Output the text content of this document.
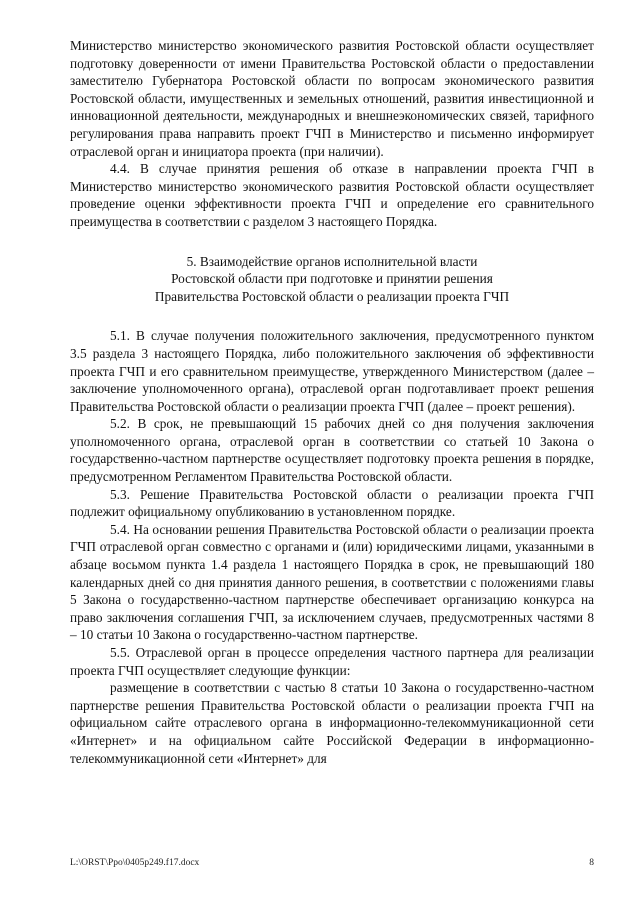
Министерство министерство экономического развития Ростовской области осуществляет подготовку доверенности от имени Правительства Ростовской области о предоставлении заместителю Губернатора Ростовской области по вопросам экономического развития Ростовской области, имущественных и земельных отношений, развития инвестиционной и инновационной деятельности, международных и внешнеэкономических связей, тарифного регулирования права направить проект ГЧП в Министерство и письменно информирует отраслевой орган и инициатора проекта (при наличии).

4.4. В случае принятия решения об отказе в направлении проекта ГЧП в Министерство министерство экономического развития Ростовской области осуществляет проведение оценки эффективности проекта ГЧП и определение его сравнительного преимущества в соответствии с разделом 3 настоящего Порядка.

5. Взаимодействие органов исполнительной власти
Ростовской области при подготовке и принятии решения
Правительства Ростовской области о реализации проекта ГЧП

5.1. В случае получения положительного заключения, предусмотренного пунктом 3.5 раздела 3 настоящего Порядка, либо положительного заключения об эффективности проекта ГЧП и его сравнительном преимуществе, утвержденного Министерством (далее – заключение уполномоченного органа), отраслевой орган подготавливает проект решения Правительства Ростовской области о реализации проекта ГЧП (далее – проект решения).

5.2. В срок, не превышающий 15 рабочих дней со дня получения заключения уполномоченного органа, отраслевой орган в соответствии со статьей 10 Закона о государственно-частном партнерстве осуществляет подготовку проекта решения в порядке, предусмотренном Регламентом Правительства Ростовской области.

5.3. Решение Правительства Ростовской области о реализации проекта ГЧП подлежит официальному опубликованию в установленном порядке.

5.4. На основании решения Правительства Ростовской области о реализации проекта ГЧП отраслевой орган совместно с органами и (или) юридическими лицами, указанными в абзаце восьмом пункта 1.4 раздела 1 настоящего Порядка в срок, не превышающий 180 календарных дней со дня принятия данного решения, в соответствии с положениями главы 5 Закона о государственно-частном партнерстве обеспечивает организацию конкурса на право заключения соглашения ГЧП, за исключением случаев, предусмотренных частями 8 – 10 статьи 10 Закона о государственно-частном партнерстве.

5.5. Отраслевой орган в процессе определения частного партнера для реализации проекта ГЧП осуществляет следующие функции:

размещение в соответствии с частью 8 статьи 10 Закона о государственно-частном партнерстве решения Правительства Ростовской области о реализации проекта ГЧП на официальном сайте отраслевого органа в информационно-телекоммуникационной сети «Интернет» и на официальном сайте Российской Федерации в информационно-телекоммуникационной сети «Интернет» для

L:\ORST\Ppo\0405p249.f17.docx	8
